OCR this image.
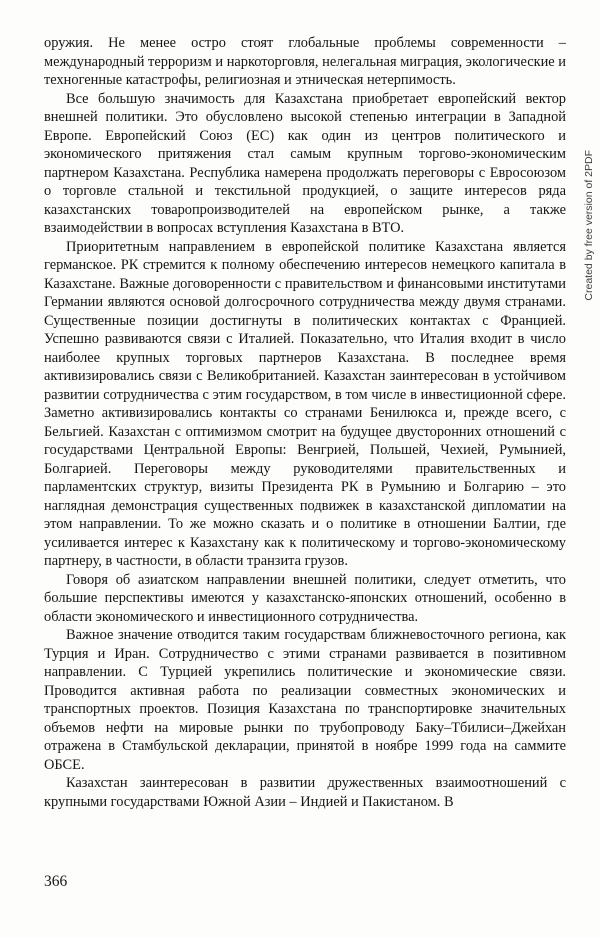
оружия. Не менее остро стоят глобальные проблемы современности – международный терроризм и наркоторговля, нелегальная миграция, экологические и техногенные катастрофы, религиозная и этническая нетерпимость.

Все большую значимость для Казахстана приобретает европейский вектор внешней политики. Это обусловлено высокой степенью интеграции в Западной Европе. Европейский Союз (ЕС) как один из центров политического и экономического притяжения стал самым крупным торгово-экономическим партнером Казахстана. Республика намерена продолжать переговоры с Евросоюзом о торговле стальной и текстильной продукцией, о защите интересов ряда казахстанских товаропроизводителей на европейском рынке, а также взаимодействии в вопросах вступления Казахстана в ВТО.

Приоритетным направлением в европейской политике Казахстана является германское. РК стремится к полному обеспечению интересов немецкого капитала в Казахстане. Важные договоренности с правительством и финансовыми институтами Германии являются основой долгосрочного сотрудничества между двумя странами. Существенные позиции достигнуты в политических контактах с Францией. Успешно развиваются связи с Италией. Показательно, что Италия входит в число наиболее крупных торговых партнеров Казахстана. В последнее время активизировались связи с Великобританией. Казахстан заинтересован в устойчивом развитии сотрудничества с этим государством, в том числе в инвестиционной сфере. Заметно активизировались контакты со странами Бенилюкса и, прежде всего, с Бельгией. Казахстан с оптимизмом смотрит на будущее двусторонних отношений с государствами Центральной Европы: Венгрией, Польшей, Чехией, Румынией, Болгарией. Переговоры между руководителями правительственных и парламентских структур, визиты Президента РК в Румынию и Болгарию – это наглядная демонстрация существенных подвижек в казахстанской дипломатии на этом направлении. То же можно сказать и о политике в отношении Балтии, где усиливается интерес к Казахстану как к политическому и торгово-экономическому партнеру, в частности, в области транзита грузов.

Говоря об азиатском направлении внешней политики, следует отметить, что большие перспективы имеются у казахстанско-японских отношений, особенно в области экономического и инвестиционного сотрудничества.

Важное значение отводится таким государствам ближневосточного региона, как Турция и Иран. Сотрудничество с этими странами развивается в позитивном направлении. С Турцией укрепились политические и экономические связи. Проводится активная работа по реализации совместных экономических и транспортных проектов. Позиция Казахстана по транспортировке значительных объемов нефти на мировые рынки по трубопроводу Баку–Тбилиси–Джейхан отражена в Стамбульской декларации, принятой в ноябре 1999 года на саммите ОБСЕ.

Казахстан заинтересован в развитии дружественных взаимоотношений с крупными государствами Южной Азии – Индией и Пакистаном. В

366
Created by free version of 2PDF
